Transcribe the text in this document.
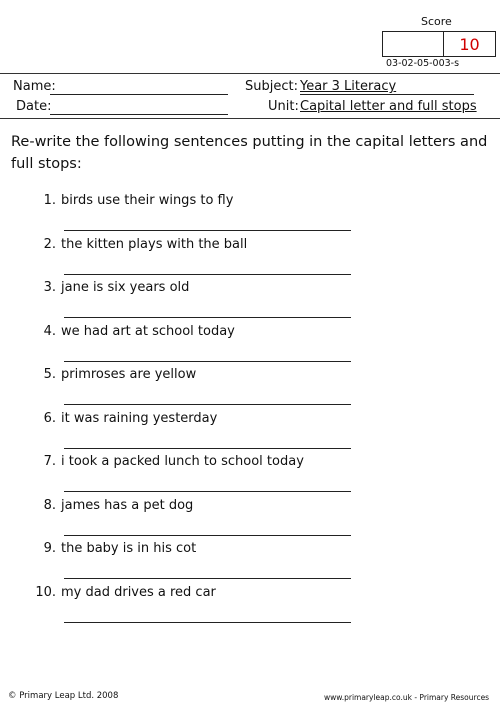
Score
10
03-02-05-003-s
Name:
Date:
Subject: Year 3 Literacy
Unit: Capital letter and full stops
Re-write the following sentences putting in the capital letters and full stops:
1. birds use their wings to fly
2. the kitten plays with the ball
3. jane is six years old
4. we had art at school today
5. primroses are yellow
6. it was raining yesterday
7. i took a packed lunch to school today
8. james has a pet dog
9. the baby is in his cot
10. my dad drives a red car
© Primary Leap Ltd. 2008	www.primaryleap.co.uk - Primary Resources
